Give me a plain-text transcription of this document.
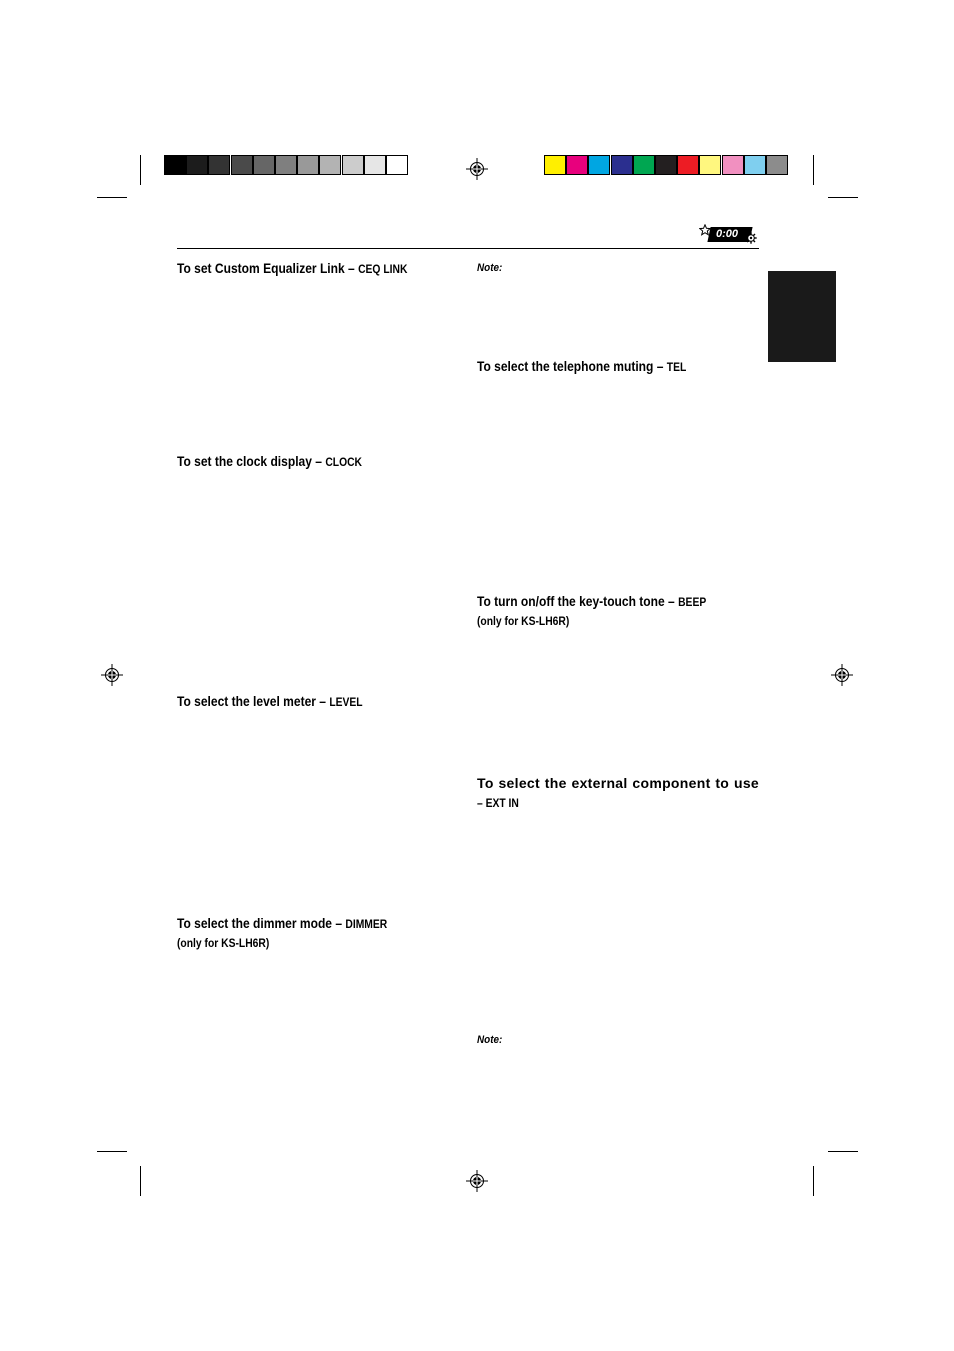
0:00
To set Custom Equalizer Link – CEQ LINK
To set the clock display – CLOCK
To select the level meter – LEVEL
To select the dimmer mode – DIMMER
(only for KS-LH6R)
Note:
To select the telephone muting – TEL
To turn on/off the key-touch tone – BEEP
(only for KS-LH6R)
To select the external component to use
– EXT IN
Note:
